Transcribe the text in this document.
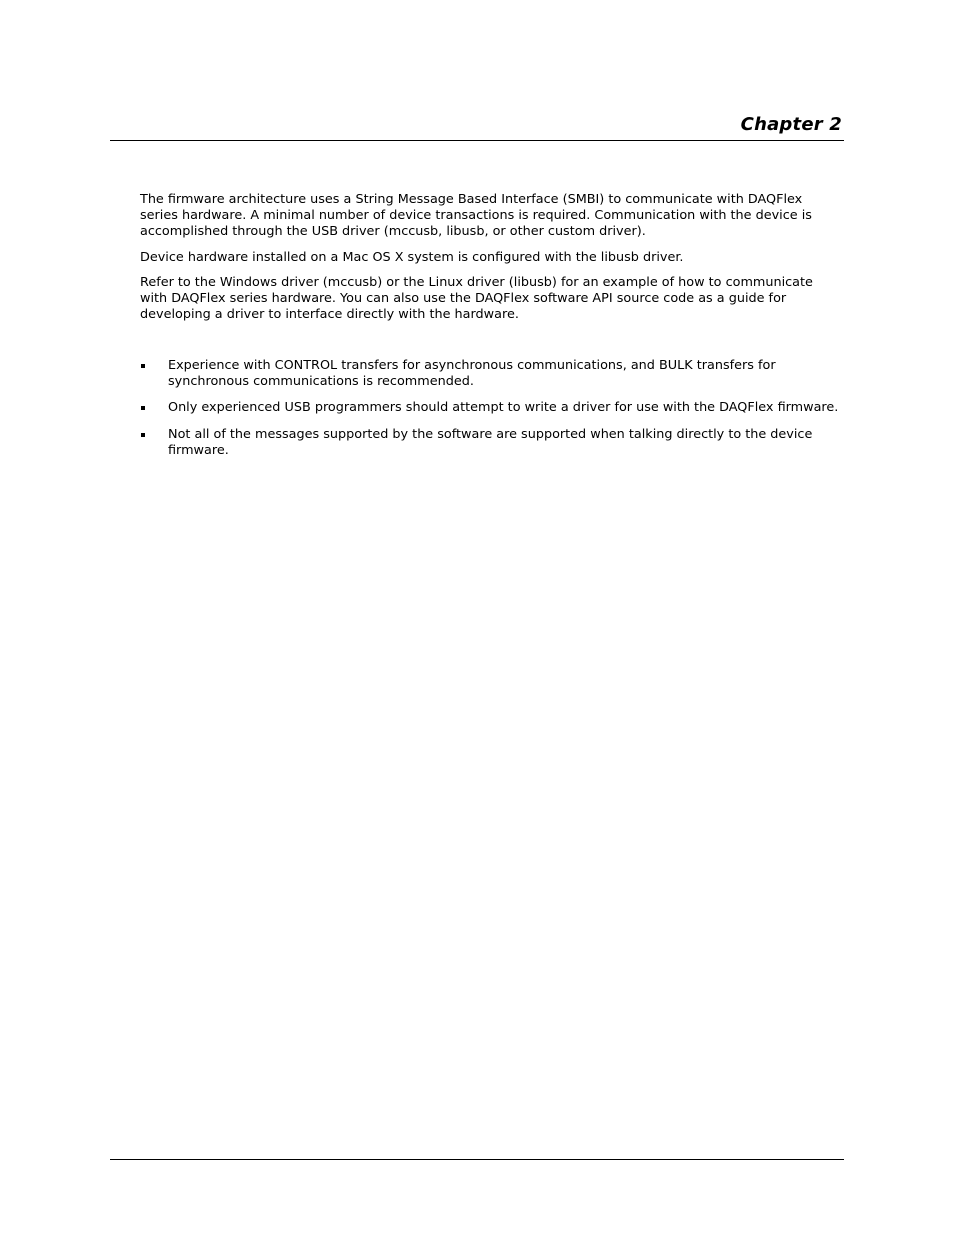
Chapter 2

The firmware architecture uses a String Message Based Interface (SMBI) to communicate with DAQFlex series hardware. A minimal number of device transactions is required. Communication with the device is accomplished through the USB driver (mccusb, libusb, or other custom driver).

Device hardware installed on a Mac OS X system is configured with the libusb driver.

Refer to the Windows driver (mccusb) or the Linux driver (libusb) for an example of how to communicate with DAQFlex series hardware. You can also use the DAQFlex software API source code as a guide for developing a driver to interface directly with the hardware.

Experience with CONTROL transfers for asynchronous communications, and BULK transfers for synchronous communications is recommended.
Only experienced USB programmers should attempt to write a driver for use with the DAQFlex firmware.
Not all of the messages supported by the software are supported when talking directly to the device firmware.
